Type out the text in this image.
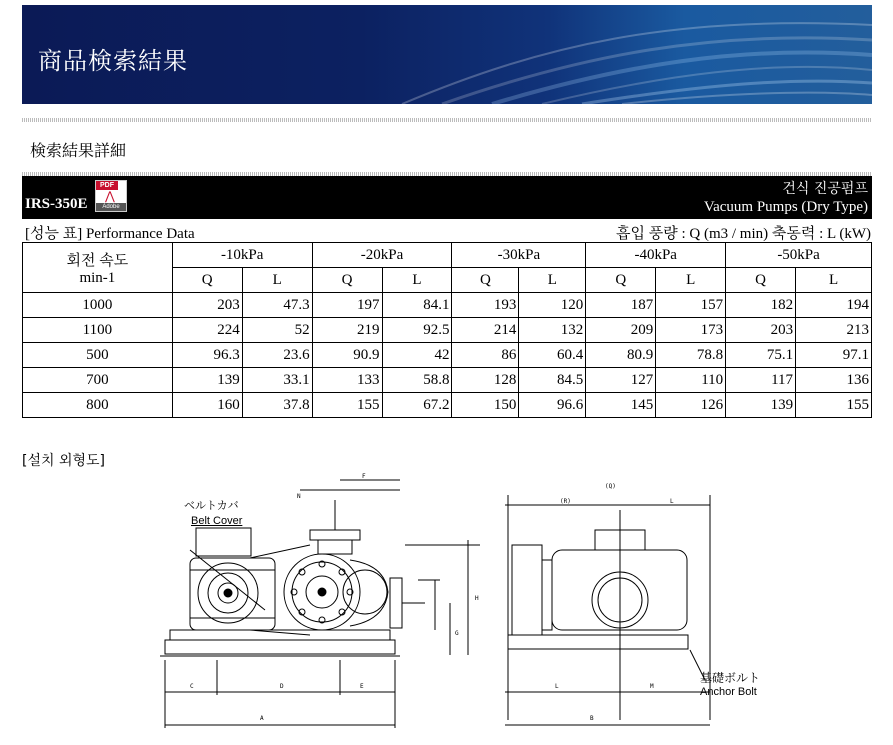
商品検索結果
検索結果詳細
PDF
⋀
Adobe
IRS-350E
건식 진공펌프
Vacuum Pumps (Dry Type)
[성능 표] Performance Data	흡입 풍량 : Q (m3 / min) 축동력 : L (kW)
회전 속도
min-1	-10kPa		-20kPa		-30kPa		-40kPa		-50kPa	
	Q	L	Q	L	Q	L	Q	L	Q	L
1000	203	47.3	197	84.1	193	120	187	157	182	194
1100	224	52	219	92.5	214	132	209	173	203	213
500	96.3	23.6	90.9	42	86	60.4	80.9	78.8	75.1	97.1
700	139	33.1	133	58.8	128	84.5	127	110	117	136
800	160	37.8	155	67.2	150	96.6	145	126	139	155
[설치 외형도]
N
F
H
G
C	D	E
A
(Q)
(R)	L
L	M
B
ベルトカバ
Belt Cover
基礎ボルト
Anchor Bolt
